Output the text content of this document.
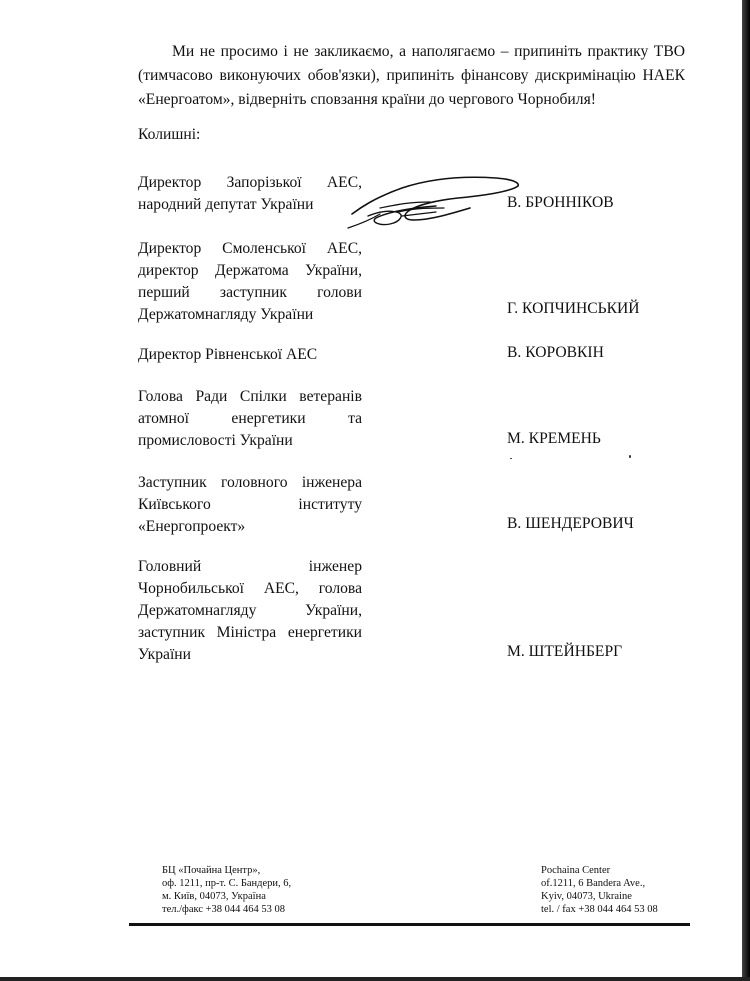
Ми не просимо і не закликаємо, а наполягаємо – припиніть практику ТВО (тимчасово виконуючих обов'язки), припиніть фінансову дискримінацію НАЕК «Енергоатом», відверніть сповзання країни до чергового Чорнобиля!

Колишні:
Директор Запорізької АЕС,
народний депутат України	В. БРОННІКОВ
Директор Смоленської АЕС,
директор Держатома України,
перший заступник голови
Держатомнагляду України	Г. КОПЧИНСЬКИЙ
Директор Рівненської АЕС	В. КОРОВКІН
Голова Ради Спілки ветеранів
атомної енергетики та
промисловості України	М. КРЕМЕНЬ
Заступник головного інженера
Київського інституту
«Енергопроект»	В. ШЕНДЕРОВИЧ
Головний інженер
Чорнобильської АЕС, голова
Держатомнагляду України,
заступник Міністра енергетики
України	М. ШТЕЙНБЕРГ
БЦ «Почайна Центр»,
оф. 1211, пр-т. С. Бандери, 6,
м. Київ, 04073, Україна
тел./факс +38 044 464 53 08
Pochaina Center
of.1211, 6 Bandera Ave.,
Kyiv, 04073, Ukraine
tel. / fax +38 044 464 53 08
